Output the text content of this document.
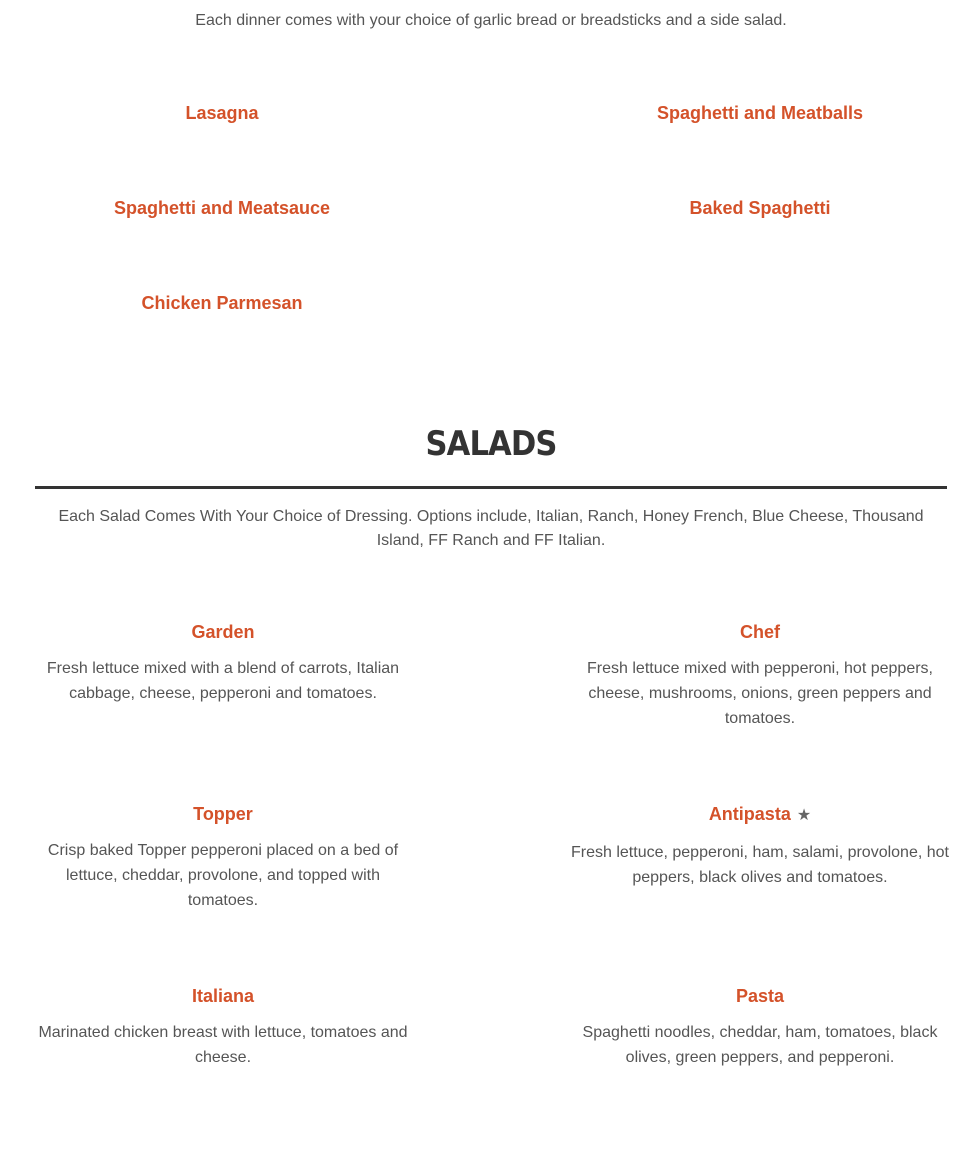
Each dinner comes with your choice of garlic bread or breadsticks and a side salad.
Lasagna	Spaghetti and Meatballs
Spaghetti and Meatsauce	Baked Spaghetti
Chicken Parmesan
SALADS
Each Salad Comes With Your Choice of Dressing. Options include, Italian, Ranch, Honey French, Blue Cheese, Thousand Island, FF Ranch and FF Italian.
Garden
Fresh lettuce mixed with a blend of carrots, Italian cabbage, cheese, pepperoni and tomatoes.
Chef
Fresh lettuce mixed with pepperoni, hot peppers, cheese, mushrooms, onions, green peppers and tomatoes.
Topper
Crisp baked Topper pepperoni placed on a bed of lettuce, cheddar, provolone, and topped with tomatoes.
Antipasta ★
Fresh lettuce, pepperoni, ham, salami, provolone, hot peppers, black olives and tomatoes.
Italiana
Marinated chicken breast with lettuce, tomatoes and cheese.
Pasta
Spaghetti noodles, cheddar, ham, tomatoes, black olives, green peppers, and pepperoni.
